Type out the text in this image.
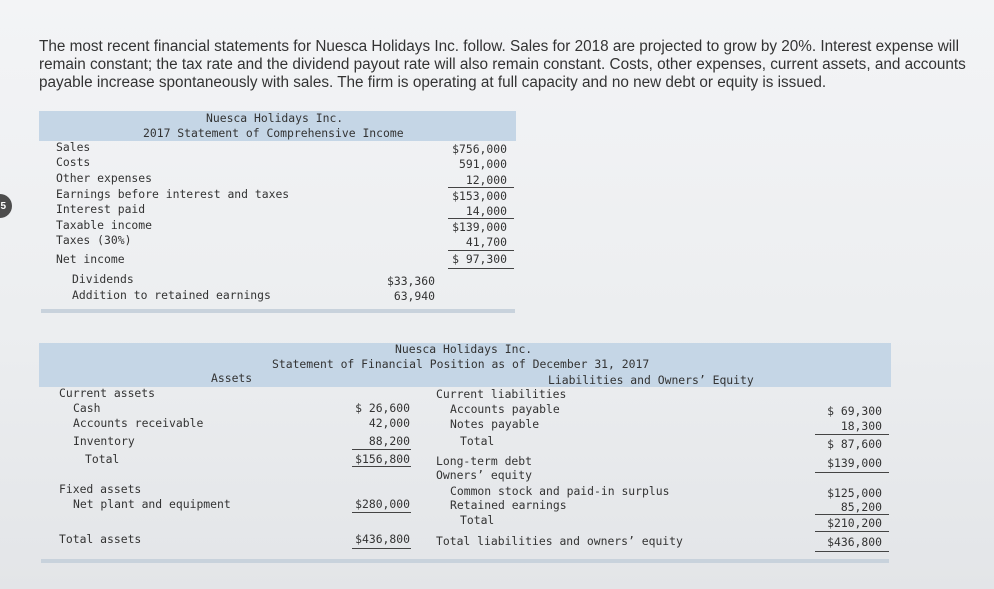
The most recent financial statements for Nuesca Holidays Inc. follow. Sales for 2018 are projected to grow by 20%. Interest expense will remain constant; the tax rate and the dividend payout rate will also remain constant. Costs, other expenses, current assets, and accounts payable increase spontaneously with sales. The firm is operating at full capacity and no new debt or equity is issued.
5
Nuesca Holidays Inc.
2017 Statement of Comprehensive Income
Sales
Costs
Other expenses
Earnings before interest and taxes
Interest paid
Taxable income
Taxes (30%)
Net income
$756,000
591,000
12,000
$153,000
14,000
$139,000
41,700
$ 97,300
Dividends
Addition to retained earnings
$33,360
63,940
Nuesca Holidays Inc.
Statement of Financial Position as of December 31, 2017
Assets	Liabilities and Owners’ Equity
Current assets
Cash
Accounts receivable
Inventory
Total
Fixed assets
Net plant and equipment
Total assets
$ 26,600
42,000
88,200
$156,800
$280,000
$436,800
Current liabilities
Accounts payable
Notes payable
Total
Long-term debt
Owners’ equity
Common stock and paid-in surplus
Retained earnings
Total
Total liabilities and owners’ equity
$ 69,300
18,300
$ 87,600
$139,000
$125,000
85,200
$210,200
$436,800
